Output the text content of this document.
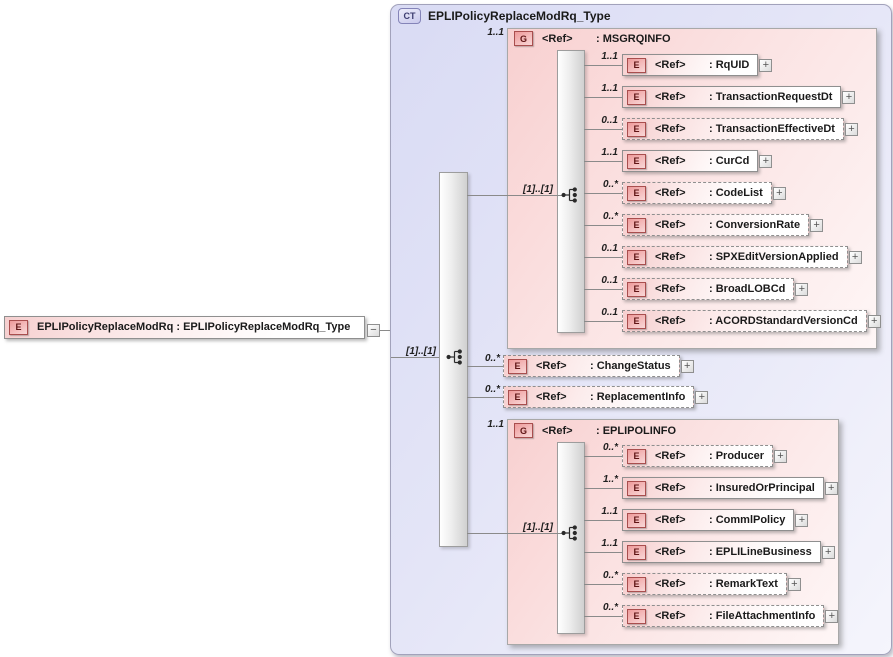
CT	EPLIPolicyReplaceModRq_Type
E	EPLIPolicyReplaceModRq : EPLIPolicyReplaceModRq_Type −
[1]..[1]
1..1
G	<Ref>	: MSGRQINFO
[1]..[1]
1..1
E	<Ref>	: RqUID +
1..1
E	<Ref>	: TransactionRequestDt +
0..1
E	<Ref>	: TransactionEffectiveDt +
1..1
E	<Ref>	: CurCd +
0..*
E	<Ref>	: CodeList +
0..*
E	<Ref>	: ConversionRate +
0..1
E	<Ref>	: SPXEditVersionApplied +
0..1
E	<Ref>	: BroadLOBCd +
0..1
E	<Ref>	: ACORDStandardVersionCd +
0..*
E	<Ref>	: ChangeStatus +
0..*
E	<Ref>	: ReplacementInfo +
1..1
G	<Ref>	: EPLIPOLINFO
[1]..[1]
0..*
E	<Ref>	: Producer +
1..*
E	<Ref>	: InsuredOrPrincipal +
1..1
E	<Ref>	: CommlPolicy +
1..1
E	<Ref>	: EPLILineBusiness +
0..*
E	<Ref>	: RemarkText +
0..*
E	<Ref>	: FileAttachmentInfo +
